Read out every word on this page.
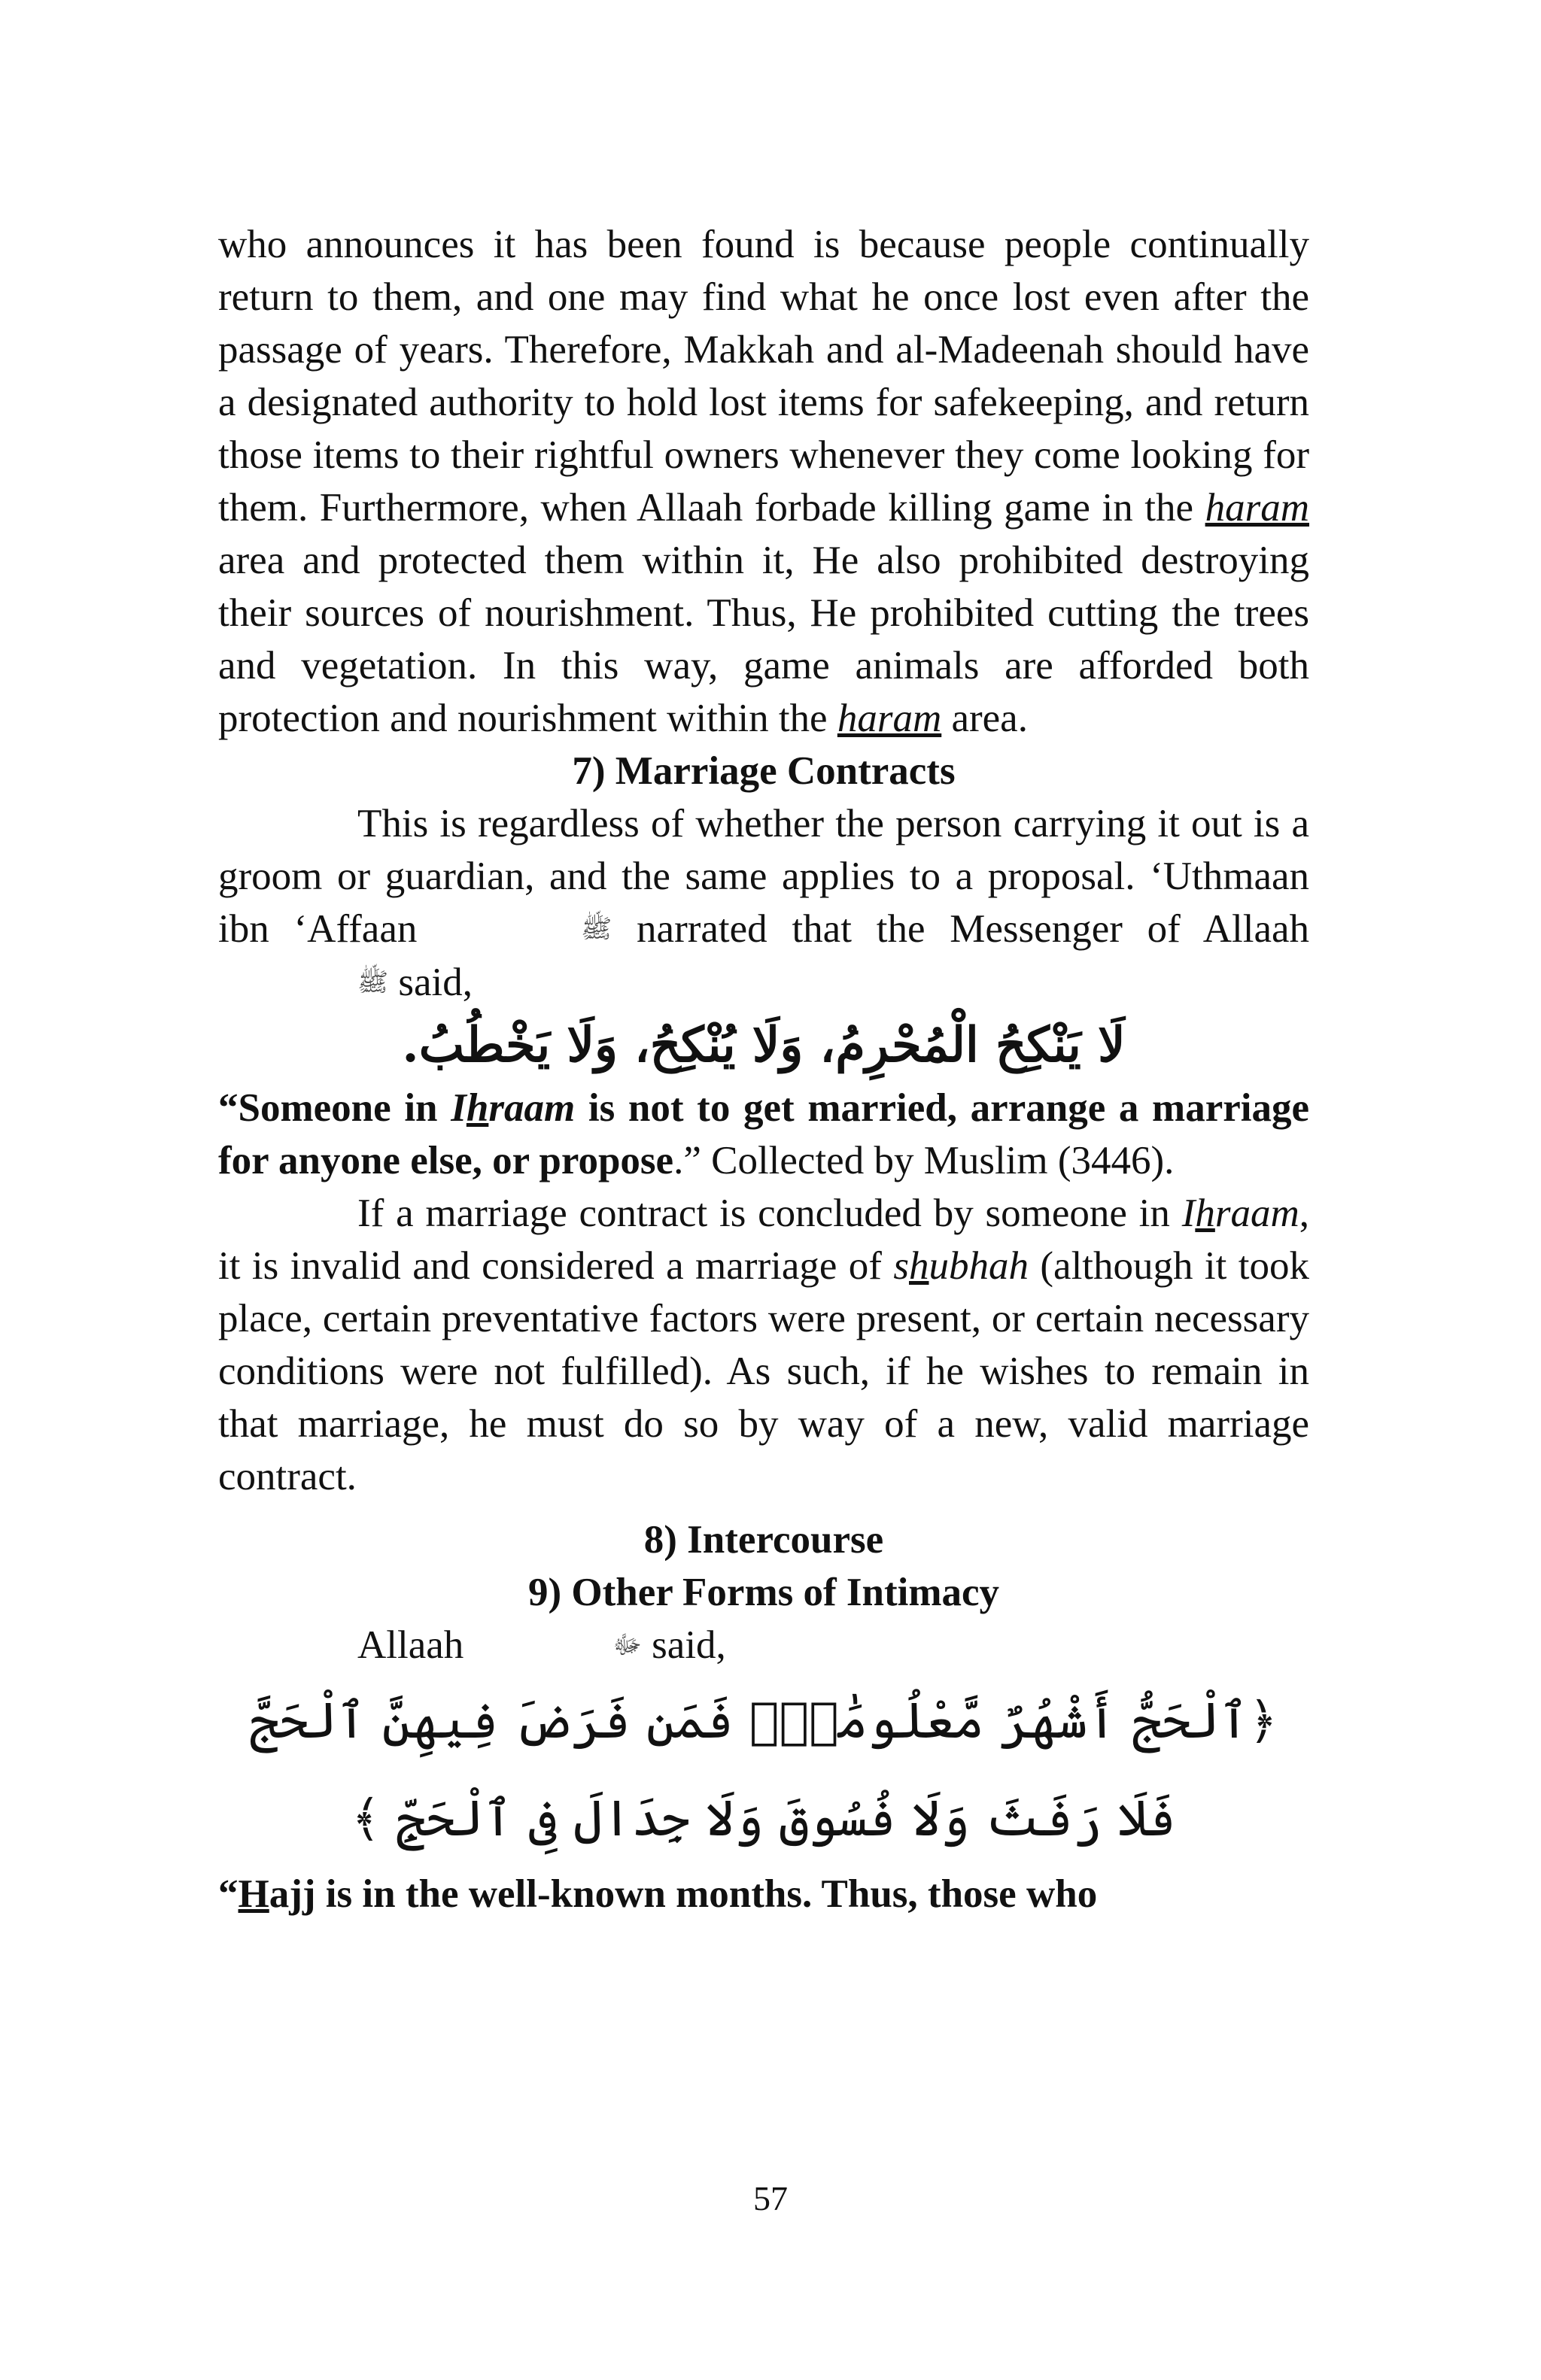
who announces it has been found is because people continually return to them, and one may find what he once lost even after the passage of years. Therefore, Makkah and al-Madeenah should have a designated authority to hold lost items for safekeeping, and return those items to their rightful owners whenever they come looking for them. Furthermore, when Allaah forbade killing game in the haram area and protected them within it, He also prohibited destroying their sources of nourishment. Thus, He prohibited cutting the trees and vegetation. In this way, game animals are afforded both protection and nourishment within the haram area.

7) Marriage Contracts

This is regardless of whether the person carrying it out is a groom or guardian, and the same applies to a proposal. ‘Uthmaan ibn ‘Affaan	ﷺ narrated that the Messenger of Allaah ﷺ said,

لَا يَنْكِحُ الْمُحْرِمُ، وَلَا يُنْكِحُ، وَلَا يَخْطُبُ.

“Someone in Ihraam is not to get married, arrange a marriage for anyone else, or propose.” Collected by Muslim (3446).

If a marriage contract is concluded by someone in Ihraam, it is invalid and considered a marriage of shubhah (although it took place, certain preventative factors were present, or certain necessary conditions were not fulfilled). As such, if he wishes to remain in that marriage, he must do so by way of a new, valid marriage contract.

8) Intercourse
9) Other Forms of Intimacy

Allaah	ﷻ said,

﴿ٱلْحَجُّ أَشْهُرٌ مَّعْلُومَٰتٌۚ فَمَن فَرَضَ فِيهِنَّ ٱلْحَجَّ
فَلَا رَفَثَ وَلَا فُسُوقَ وَلَا جِدَالَ فِى ٱلْحَجِّ ﴾

“Hajj is in the well-known months. Thus, those who

57
